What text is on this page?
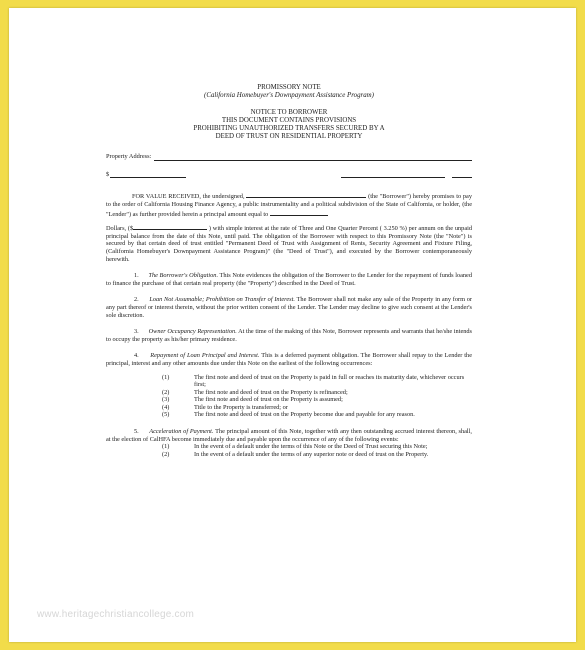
PROMISSORY NOTE
(California Homebuyer's Downpayment Assistance Program)
NOTICE TO BORROWER
THIS DOCUMENT CONTAINS PROVISIONS
PROHIBITING UNAUTHORIZED TRANSFERS SECURED BY A
DEED OF TRUST ON RESIDENTIAL PROPERTY
Property Address:
$

FOR VALUE RECEIVED, the undersigned,	(the "Borrower") hereby promises to pay to the order of California Housing Finance Agency, a public instrumentality and a political subdivision of the State of California, or holder, (the "Lender") as further provided herein a principal amount equal to

Dollars, ($	) with simple interest at the rate of Three and One Quarter Percent ( 3.250 %) per annum on the unpaid principal balance from the date of this Note, until paid. The obligation of the Borrower with respect to this Promissory Note (the "Note") is secured by that certain deed of trust entitled "Permanent Deed of Trust with Assignment of Rents, Security Agreement and Fixture Filing, (California Homebuyer's Downpayment Assistance Program)" (the "Deed of Trust"), and executed by the Borrower contemporaneously herewith.

1. The Borrower's Obligation. This Note evidences the obligation of the Borrower to the Lender for the repayment of funds loaned to finance the purchase of that certain real property (the "Property") described in the Deed of Trust.

2. Loan Not Assumable; Prohibition on Transfer of Interest. The Borrower shall not make any sale of the Property in any form or any part thereof or interest therein, without the prior written consent of the Lender. The Lender may decline to give such consent at the Lender's sole discretion.

3. Owner Occupancy Representation. At the time of the making of this Note, Borrower represents and warrants that he/she intends to occupy the property as his/her primary residence.

4. Repayment of Loan Principal and Interest. This is a deferred payment obligation. The Borrower shall repay to the Lender the principal, interest and any other amounts due under this Note on the earliest of the following occurrences:

(1)	The first note and deed of trust on the Property is paid in full or reaches its maturity date, whichever occurs first;
(2)	The first note and deed of trust on the Property is refinanced;
(3)	The first note and deed of trust on the Property is assumed;
(4)	Title to the Property is transferred; or
(5)	The first note and deed of trust on the Property become due and payable for any reason.

5. Acceleration of Payment. The principal amount of this Note, together with any then outstanding accrued interest thereon, shall, at the election of CalHFA become immediately due and payable upon the occurrence of any of the following events:

(1)	In the event of a default under the terms of this Note or the Deed of Trust securing this Note;
(2)	In the event of a default under the terms of any superior note or deed of trust on the Property.
www.heritagechristiancollege.com
